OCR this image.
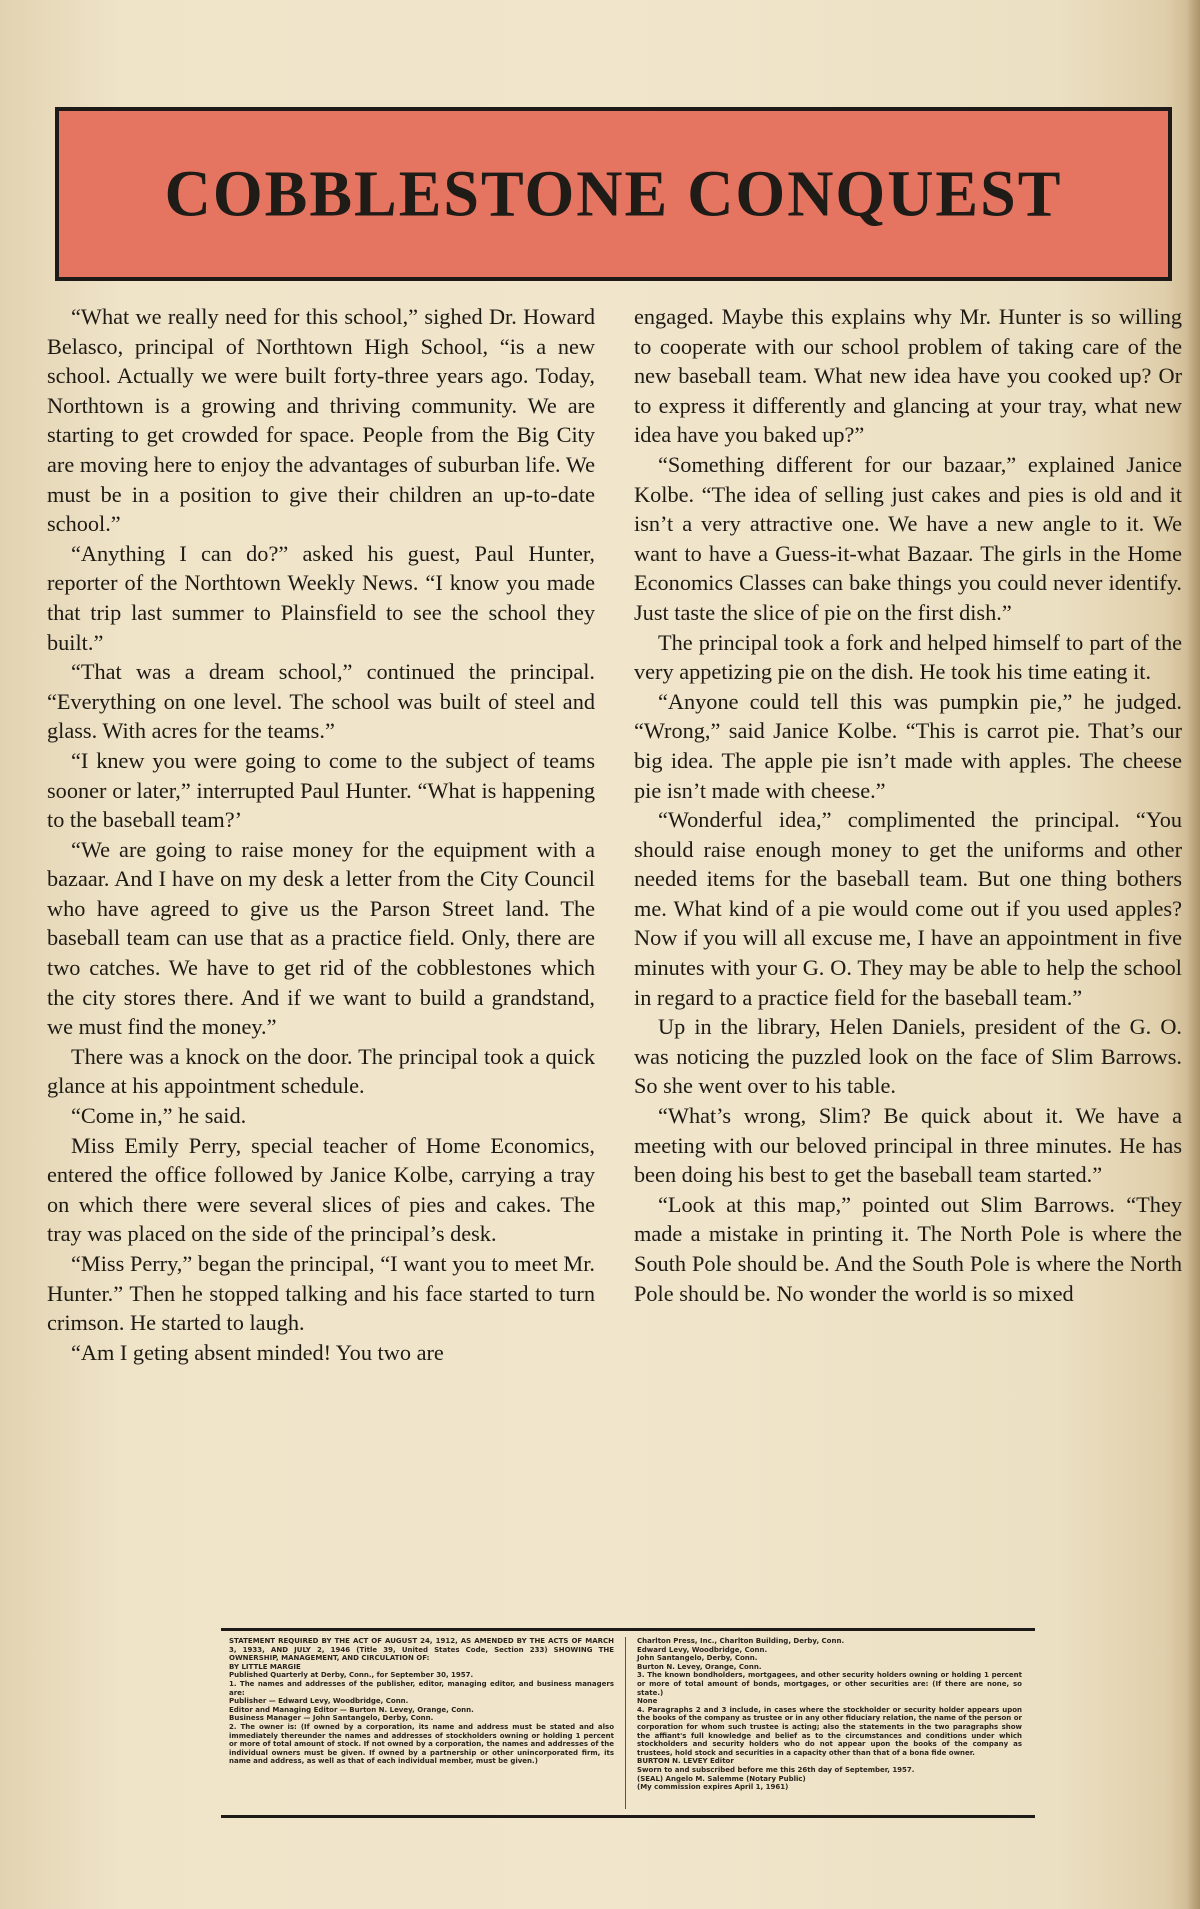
COBBLESTONE CONQUEST

“What we really need for this school,” sighed Dr. Howard Belasco, principal of Northtown High School, “is a new school. Actually we were built forty-three years ago. Today, Northtown is a growing and thriving community. We are starting to get crowded for space. People from the Big City are moving here to enjoy the advantages of suburban life. We must be in a position to give their children an up-to-date school.”

“Anything I can do?” asked his guest, Paul Hunter, reporter of the Northtown Weekly News. “I know you made that trip last summer to Plainsfield to see the school they built.”

“That was a dream school,” continued the principal. “Everything on one level. The school was built of steel and glass. With acres for the teams.”

“I knew you were going to come to the subject of teams sooner or later,” interrupted Paul Hunter. “What is happening to the baseball team?’

“We are going to raise money for the equipment with a bazaar. And I have on my desk a letter from the City Council who have agreed to give us the Parson Street land. The baseball team can use that as a practice field. Only, there are two catches. We have to get rid of the cobblestones which the city stores there. And if we want to build a grandstand, we must find the money.”

There was a knock on the door. The principal took a quick glance at his appointment schedule.

“Come in,” he said.

Miss Emily Perry, special teacher of Home Economics, entered the office followed by Janice Kolbe, carrying a tray on which there were several slices of pies and cakes. The tray was placed on the side of the principal’s desk.

“Miss Perry,” began the principal, “I want you to meet Mr. Hunter.” Then he stopped talking and his face started to turn crimson. He started to laugh.

“Am I geting absent minded! You two are

engaged. Maybe this explains why Mr. Hunter is so willing to cooperate with our school problem of taking care of the new baseball team. What new idea have you cooked up? Or to express it differently and glancing at your tray, what new idea have you baked up?”

“Something different for our bazaar,” explained Janice Kolbe. “The idea of selling just cakes and pies is old and it isn’t a very attractive one. We have a new angle to it. We want to have a Guess-it-what Bazaar. The girls in the Home Economics Classes can bake things you could never identify. Just taste the slice of pie on the first dish.”

The principal took a fork and helped himself to part of the very appetizing pie on the dish. He took his time eating it.

“Anyone could tell this was pumpkin pie,” he judged. “Wrong,” said Janice Kolbe. “This is carrot pie. That’s our big idea. The apple pie isn’t made with apples. The cheese pie isn’t made with cheese.”

“Wonderful idea,” complimented the principal. “You should raise enough money to get the uniforms and other needed items for the baseball team. But one thing bothers me. What kind of a pie would come out if you used apples? Now if you will all excuse me, I have an appointment in five minutes with your G. O. They may be able to help the school in regard to a practice field for the baseball team.”

Up in the library, Helen Daniels, president of the G. O. was noticing the puzzled look on the face of Slim Barrows. So she went over to his table.

“What’s wrong, Slim? Be quick about it. We have a meeting with our beloved principal in three minutes. He has been doing his best to get the baseball team started.”

“Look at this map,” pointed out Slim Barrows. “They made a mistake in printing it. The North Pole is where the South Pole should be. And the South Pole is where the North Pole should be. No wonder the world is so mixed

STATEMENT REQUIRED BY THE ACT OF AUGUST 24, 1912, AS AMENDED BY THE ACTS OF MARCH 3, 1933, AND JULY 2, 1946 (Title 39, United States Code, Section 233) SHOWING THE OWNERSHIP, MANAGEMENT, AND CIRCULATION OF:

BY LITTLE MARGIE

Published Quarterly at Derby, Conn., for September 30, 1957.

1. The names and addresses of the publisher, editor, managing editor, and business managers are:

Publisher — Edward Levy, Woodbridge, Conn.

Editor and Managing Editor — Burton N. Levey, Orange, Conn.

Business Manager — John Santangelo, Derby, Conn.

2. The owner is: (If owned by a corporation, its name and address must be stated and also immediately thereunder the names and addresses of stockholders owning or holding 1 percent or more of total amount of stock. If not owned by a corporation, the names and addresses of the individual owners must be given. If owned by a partnership or other unincorporated firm, its name and address, as well as that of each individual member, must be given.)

Charlton Press, Inc., Charlton Building, Derby, Conn.

Edward Levy, Woodbridge, Conn.

John Santangelo, Derby, Conn.

Burton N. Levey, Orange, Conn.

3. The known bondholders, mortgagees, and other security holders owning or holding 1 percent or more of total amount of bonds, mortgages, or other securities are: (If there are none, so state.)

None

4. Paragraphs 2 and 3 include, in cases where the stockholder or security holder appears upon the books of the company as trustee or in any other fiduciary relation, the name of the person or corporation for whom such trustee is acting; also the statements in the two paragraphs show the affiant's full knowledge and belief as to the circumstances and conditions under which stockholders and security holders who do not appear upon the books of the company as trustees, hold stock and securities in a capacity other than that of a bona fide owner.

BURTON N. LEVEY Editor

Sworn to and subscribed before me this 26th day of September, 1957.

(SEAL) Angelo M. Salemme (Notary Public)

(My commission expires April 1, 1961)
